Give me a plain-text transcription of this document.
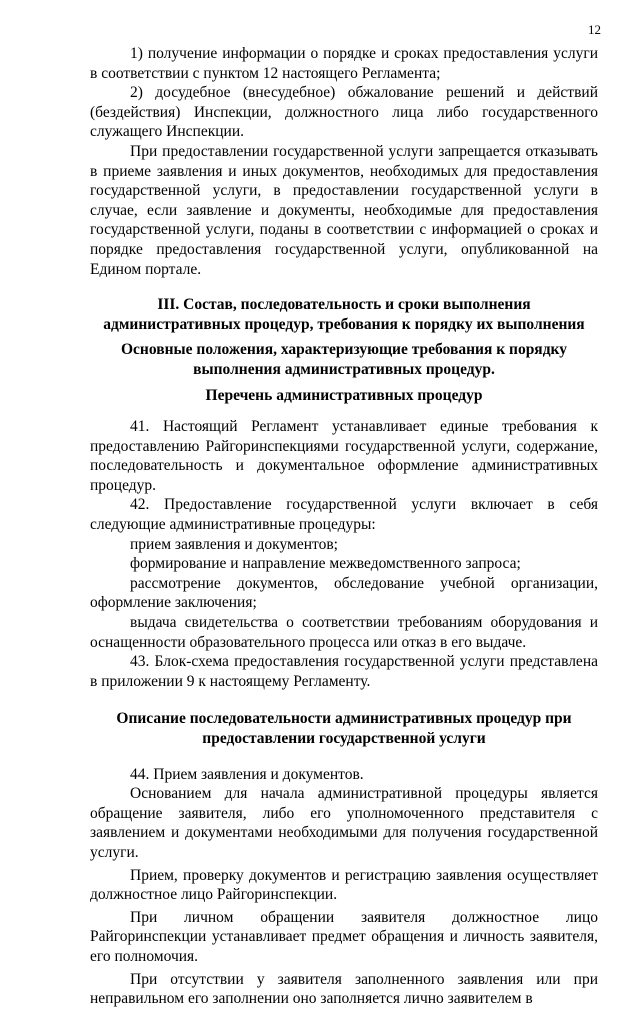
12

1) получение информации о порядке и сроках предоставления услуги в соответствии с пунктом 12 настоящего Регламента;

2) досудебное (внесудебное) обжалование решений и действий (бездействия) Инспекции, должностного лица либо государственного служащего Инспекции.

При предоставлении государственной услуги запрещается отказывать в приеме заявления и иных документов, необходимых для предоставления государственной услуги, в предоставлении государственной услуги в случае, если заявление и документы, необходимые для предоставления государственной услуги, поданы в соответствии с информацией о сроках и порядке предоставления государственной услуги, опубликованной на Едином портале.

III. Состав, последовательность и сроки выполнения административных процедур, требования к порядку их выполнения
Основные положения, характеризующие требования к порядку выполнения административных процедур.
Перечень административных процедур

41. Настоящий Регламент устанавливает единые требования к предоставлению Райгоринспекциями государственной услуги, содержание, последовательность и документальное оформление административных процедур.

42. Предоставление государственной услуги включает в себя следующие административные процедуры:

прием заявления и документов;

формирование и направление межведомственного запроса;

рассмотрение документов, обследование учебной организации, оформление заключения;

выдача свидетельства о соответствии требованиям оборудования и оснащенности образовательного процесса или отказ в его выдаче.

43. Блок-схема предоставления государственной услуги представлена в приложении 9 к настоящему Регламенту.

Описание последовательности административных процедур при предоставлении государственной услуги

44. Прием заявления и документов.

Основанием для начала административной процедуры является обращение заявителя, либо его уполномоченного представителя с заявлением и документами необходимыми для получения государственной услуги.

Прием, проверку документов и регистрацию заявления осуществляет должностное лицо Райгоринспекции.

При личном обращении заявителя должностное лицо Райгоринспекции устанавливает предмет обращения и личность заявителя, его полномочия.

При отсутствии у заявителя заполненного заявления или при неправильном его заполнении оно заполняется лично заявителем в
